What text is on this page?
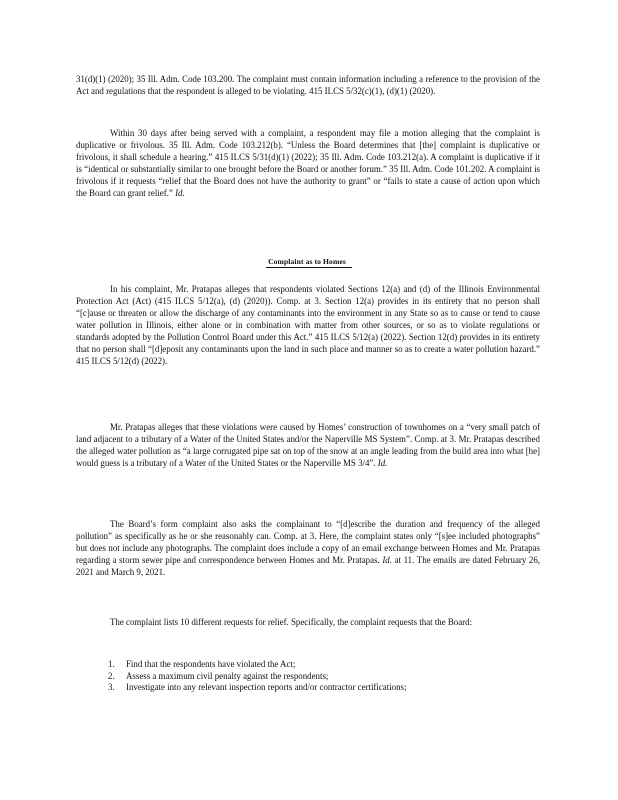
31(d)(1) (2020); 35 Ill. Adm. Code 103.200. The complaint must contain information including a reference to the provision of the Act and regulations that the respondent is alleged to be violating. 415 ILCS 5/32(c)(1), (d)(1) (2020).

Within 30 days after being served with a complaint, a respondent may file a motion alleging that the complaint is duplicative or frivolous. 35 Ill. Adm. Code 103.212(b). “Unless the Board determines that [the] complaint is duplicative or frivolous, it shall schedule a hearing.” 415 ILCS 5/31(d)(1) (2022); 35 Ill. Adm. Code 103.212(a). A complaint is duplicative if it is “identical or substantially similar to one brought before the Board or another forum.” 35 Ill. Adm. Code 101.202. A complaint is frivolous if it requests “relief that the Board does not have the authority to grant” or “fails to state a cause of action upon which the Board can grant relief.” Id.

Complaint as to Homes

In his complaint, Mr. Pratapas alleges that respondents violated Sections 12(a) and (d) of the Illinois Environmental Protection Act (Act) (415 ILCS 5/12(a), (d) (2020)). Comp. at 3. Section 12(a) provides in its entirety that no person shall “[c]ause or threaten or allow the discharge of any contaminants into the environment in any State so as to cause or tend to cause water pollution in Illinois, either alone or in combination with matter from other sources, or so as to violate regulations or standards adopted by the Pollution Control Board under this Act.” 415 ILCS 5/12(a) (2022). Section 12(d) provides in its entirety that no person shall “[d]eposit any contaminants upon the land in such place and manner so as to create a water pollution hazard.” 415 ILCS 5/12(d) (2022).

Mr. Pratapas alleges that these violations were caused by Homes’ construction of townhomes on a “very small patch of land adjacent to a tributary of a Water of the United States and/or the Naperville MS System”. Comp. at 3. Mr. Pratapas described the alleged water pollution as “a large corrugated pipe sat on top of the snow at an angle leading from the build area into what [he] would guess is a tributary of a Water of the United States or the Naperville MS 3/4”. Id.

The Board’s form complaint also asks the complainant to “[d]escribe the duration and frequency of the alleged pollution” as specifically as he or she reasonably can. Comp. at 3. Here, the complaint states only “[s]ee included photographs” but does not include any photographs. The complaint does include a copy of an email exchange between Homes and Mr. Pratapas regarding a storm sewer pipe and correspondence between Homes and Mr. Pratapas. Id. at 11. The emails are dated February 26, 2021 and March 9, 2021.

The complaint lists 10 different requests for relief. Specifically, the complaint requests that the Board:

1.	Find that the respondents have violated the Act;
2.	Assess a maximum civil penalty against the respondents;
3.	Investigate into any relevant inspection reports and/or contractor certifications;
